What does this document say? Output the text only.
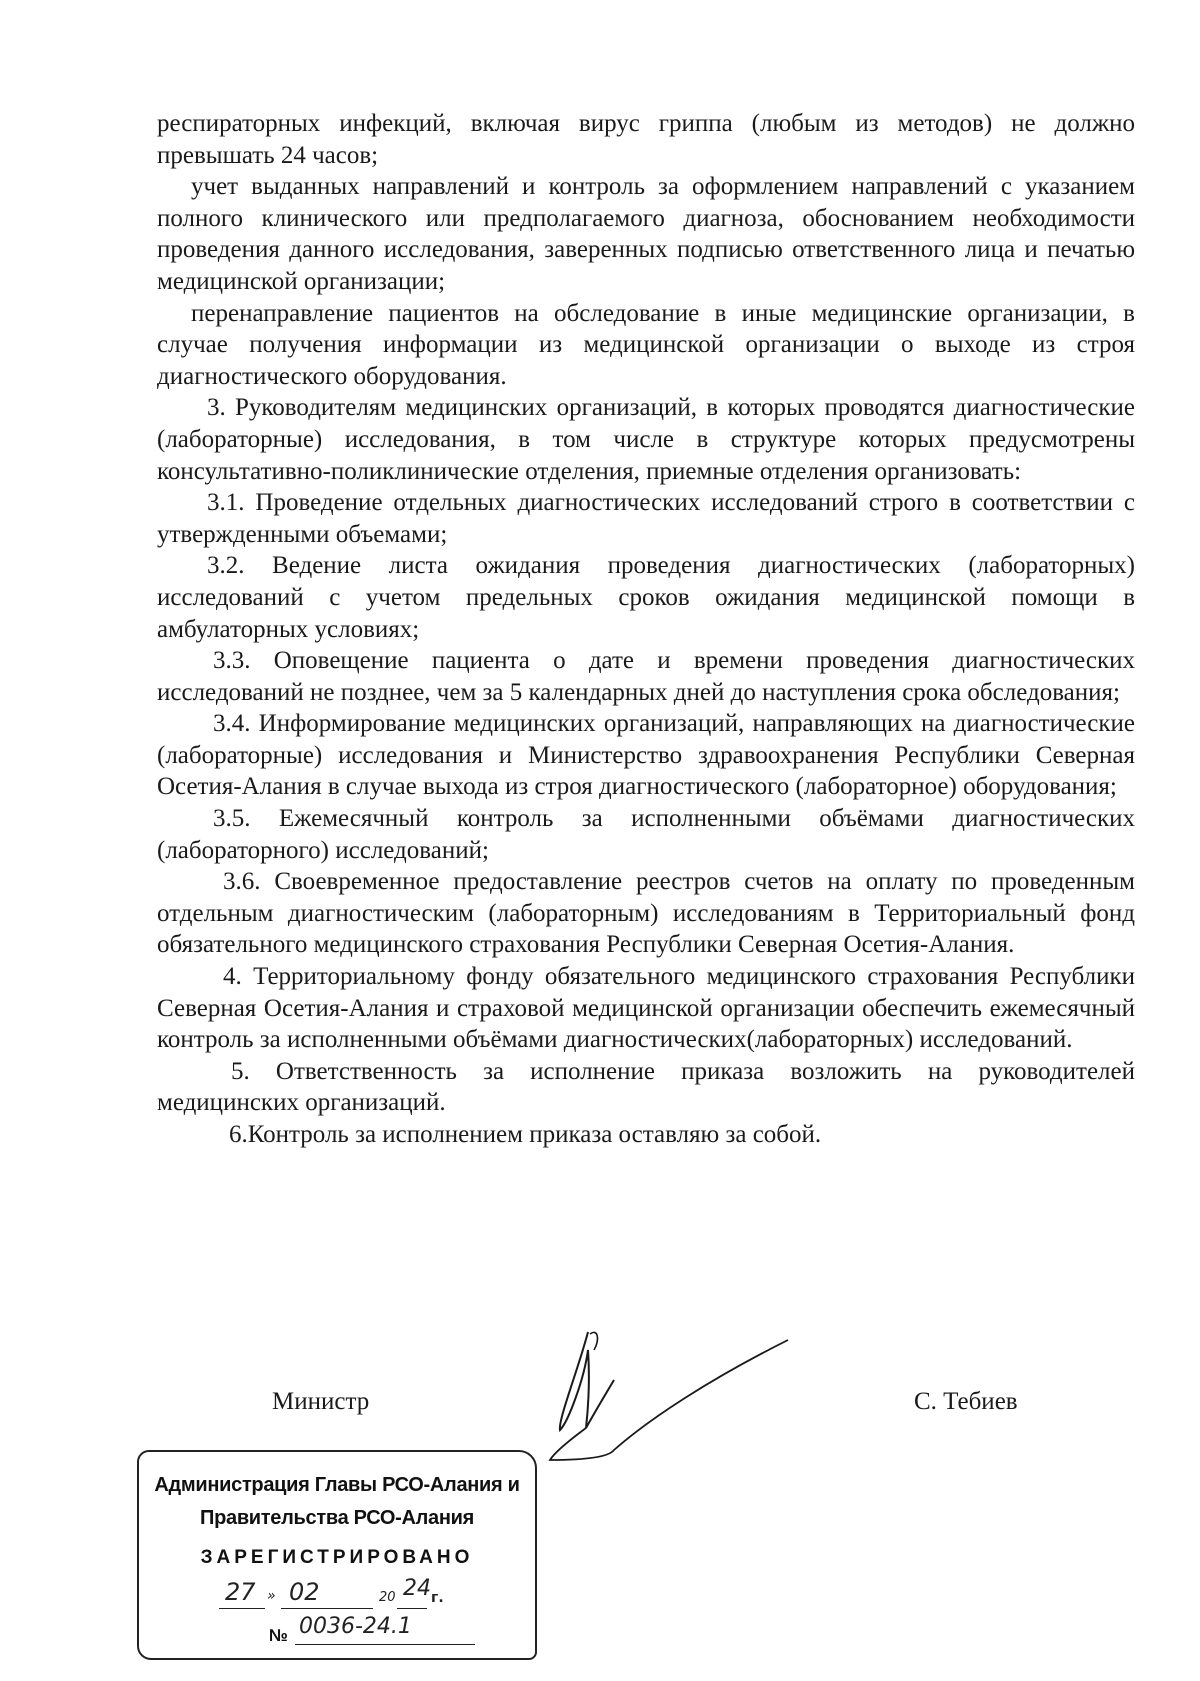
респираторных инфекций, включая вирус гриппа (любым из методов) не должно превышать 24 часов;

учет выданных направлений и контроль за оформлением направлений с указанием полного клинического или предполагаемого диагноза, обоснованием необходимости проведения данного исследования, заверенных подписью ответственного лица и печатью медицинской организации;

перенаправление пациентов на обследование в иные медицинские организации, в случае получения информации из медицинской организации о выходе из строя диагностического оборудования.

3. Руководителям медицинских организаций, в которых проводятся диагностические (лабораторные) исследования, в том числе в структуре которых предусмотрены консультативно-поликлинические отделения, приемные отделения организовать:

3.1. Проведение отдельных диагностических исследований строго в соответствии с утвержденными объемами;

3.2. Ведение листа ожидания проведения диагностических (лабораторных) исследований с учетом предельных сроков ожидания медицинской помощи в амбулаторных условиях;

3.3. Оповещение пациента о дате и времени проведения диагностических исследований не позднее, чем за 5 календарных дней до наступления срока обследования;

3.4. Информирование медицинских организаций, направляющих на диагностические (лабораторные) исследования и Министерство здравоохранения Республики Северная Осетия-Алания в случае выхода из строя диагностического (лабораторное) оборудования;

3.5. Ежемесячный контроль за исполненными объёмами диагностических (лабораторного) исследований;

3.6. Своевременное предоставление реестров счетов на оплату по проведенным отдельным диагностическим (лабораторным) исследованиям в Территориальный фонд обязательного медицинского страхования Республики Северная Осетия-Алания.

4. Территориальному фонду обязательного медицинского страхования Республики Северная Осетия-Алания и страховой медицинской организации обеспечить ежемесячный контроль за исполненными объёмами диагностических(лабораторных) исследований.

5. Ответственность за исполнение приказа возложить на руководителей медицинских организаций.

6.Контроль за исполнением приказа оставляю за собой.

Министр	С. Тебиев
Администрация Главы РСО-Алания и
Правительства РСО-Алания
ЗАРЕГИСТРИРОВАНО
27 » 02	20 24 г.
№ 0036-24.1
